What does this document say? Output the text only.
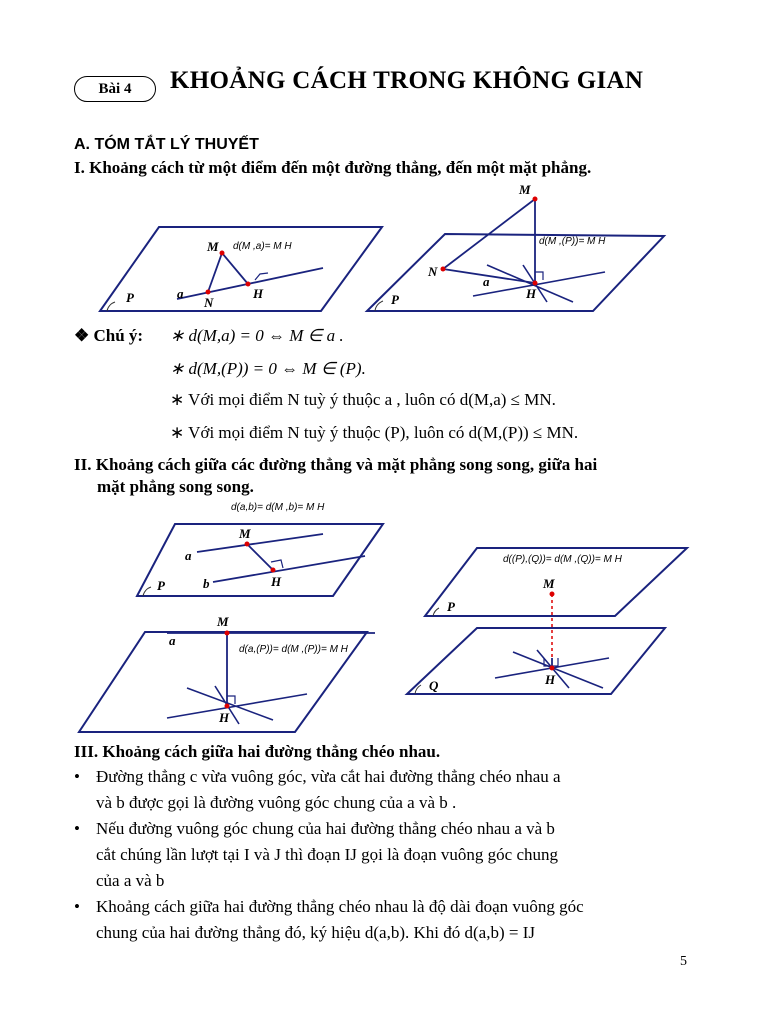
Bài 4	KHOẢNG CÁCH TRONG KHÔNG GIAN
A. TÓM TẮT LÝ THUYẾT
I. Khoảng cách từ một điểm đến một đường thẳng, đến một mặt phẳng.
M d(M ,a)= M H
a
N
H
P
M
d(M ,(P))= M H
N
a
H
P
❖ Chú ý: ∗ d(M,a) = 0 ⇔ M ∈ a .
∗ d(M,(P)) = 0 ⇔ M ∈ (P).
∗ Với mọi điểm N tuỳ ý thuộc a , luôn có d(M,a) ≤ MN.
∗ Với mọi điểm N tuỳ ý thuộc (P), luôn có d(M,(P)) ≤ MN.
II. Khoảng cách giữa các đường thẳng và mặt phẳng song song, giữa hai
mặt phẳng song song.
d(a,b)= d(M ,b)= M H
M
a
P	b	H
a
M
d(a,(P))= d(M ,(P))= M H
H
d((P),(Q))= d(M ,(Q))= M H
P
M
Q	H
III. Khoảng cách giữa hai đường thẳng chéo nhau.
• Đường thẳng c vừa vuông góc, vừa cắt hai đường thẳng chéo nhau a
và b được gọi là đường vuông góc chung của a và b .
• Nếu đường vuông góc chung của hai đường thẳng chéo nhau a và b
cắt chúng lần lượt tại I và J thì đoạn IJ gọi là đoạn vuông góc chung
của a và b
• Khoảng cách giữa hai đường thẳng chéo nhau là độ dài đoạn vuông góc
chung của hai đường thẳng đó, ký hiệu d(a,b). Khi đó d(a,b) = IJ
5
